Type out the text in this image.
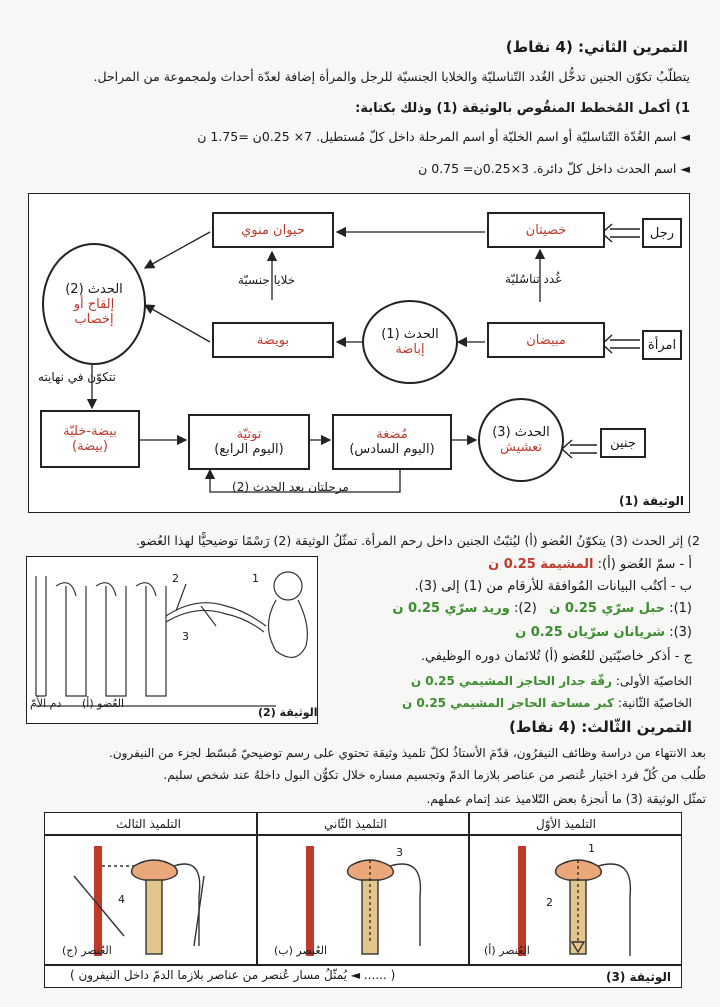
التمرين الثاني: (4 نقاط)
يتطلّبُ تكوّن الجنين تدخُّل الغُدد التّناسليّة والخلايا الجنسيّة للرجل والمرأة إضافة لعدّة أحداث ولمجموعة من المراحل.
1) أكمل المُخطط المنقُوص بالوثيقة (1) وذلك بكتابة:
◄ اسم الغُدّة التّناسليّة أو اسم الخليّة أو اسم المرحلة داخل كلّ مُستطيل. 7× 0.25ن =1.75 ن
◄ اسم الحدث داخل كلّ دائرة. 3×0.25ن= 0.75 ن
رجل
امرأة
خصيتان
حيوان منوي
مبيضان
بويضة
غُدد تناسُليّة
خلايا جنسيّة
الحدث (1)
إباضة
الحدث (2)
إلقاح أو إخصاب
تتكوّن في نهايته
بيضة-خليّة (بيضة)
توتيّة
(اليوم الرابع)
مُضغة
(اليوم السادس)
الحدث (3)
تعشيش	جنين
مرحلتان بعد الحدث (2)
الوثيقة (1)
2) إثر الحدث (3) يتكوّنُ العُضو (أ) ليُثبّتُ الجنين داخل رحم المرأة. تمثّلُ الوثيقة (2) رَسْمًا توضيحيًّا لهذا العُضو.
2	1
3
العُضو (أ)
دم الأمّ
الوثيقة (2)
أ - سمّ العُضو (أ): المشيمة 0.25 ن
ب - أكتُب البيانات المُوافقة للأرقام من (1) إلى (3).
(1): حبل سرّي 0.25 ن   (2): وريد سرّي 0.25 ن
(3): شريانان سرّيان 0.25 ن
ج - أذكر خاصيّتين للعُضو (أ) تُلائمان دوره الوظيفي.
الخاصيّة الأولى: رقّة جدار الحاجز المشيمي 0.25 ن
الخاصيّة الثّانية: كبر مساحة الحاجز المشيمي 0.25 ن
التمرين الثّالث: (4 نقاط)
بعد الانتهاء من دراسة وظائف النيفرُون، قدّمَ الأستاذُ لكلّ تلميذ وثيقة تحتوي على رسم توضيحيّ مُبسّط لجزء من النيفرون.
طُلب من كُلّ فرد اختيار عُنصر من عناصر بلازما الدمّ وتجسيم مساره خلال تكوُّن البول داخلهُ عند شخص سليم.
تمثّل الوثيقة (3) ما أنجزهُ بعض التّلاميذ عند إتمام عملهم.
التلميذ الأوّل
التلميذ الثّاني
التلميذ الثالث
1
2
3
4
العُنصر (أ)
العُنصر (ب)
العُنصر (ج)
( ...... ◄ يُمثّلُ مسار عُنصر من عناصر بلازما الدمّ داخل النيفرون )	الوثيقة (3)
